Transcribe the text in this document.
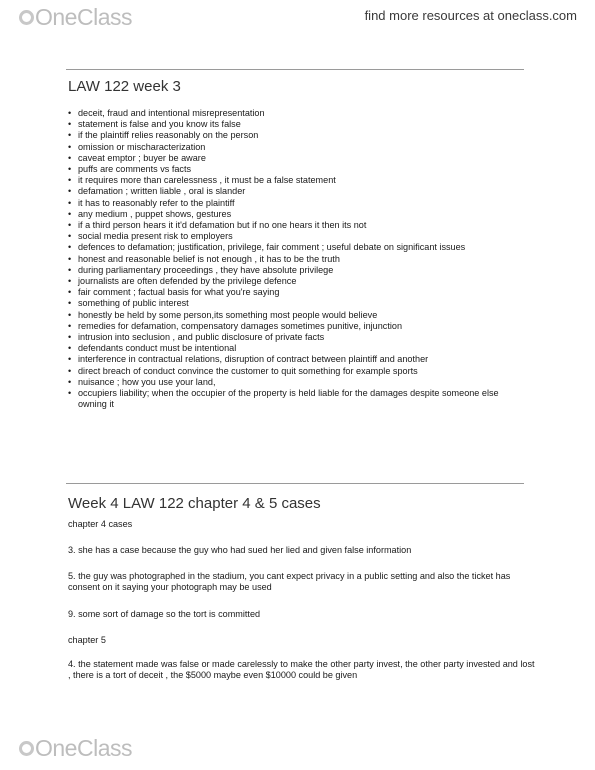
OneClass	find more resources at oneclass.com
LAW 122 week 3
• deceit, fraud and intentional misrepresentation
• statement is false and you know its false
• if the plaintiff relies reasonably on the person
• omission or mischaracterization
• caveat emptor ; buyer be aware
• puffs are comments vs facts
• it requires more than carelessness , it must be a false statement
• defamation ; written liable , oral is slander
• it has to reasonably refer to the plaintiff
• any medium , puppet shows, gestures
• if a third person hears it it'd defamation but if no one hears it then its not
• social media present risk to employers
• defences to defamation; justification, privilege, fair comment ; useful debate on significant issues
• honest and reasonable belief is not enough , it has to be the truth
• during parliamentary proceedings , they have absolute privilege
• journalists are often defended by the privilege defence
• fair comment ; factual basis for what you're saying
• something of public interest
• honestly be held by some person,its something most people would believe
• remedies for defamation, compensatory damages sometimes punitive, injunction
• intrusion into seclusion , and public disclosure of private facts
• defendants conduct must be intentional
• interference in contractual relations, disruption of contract between plaintiff and another
• direct breach of conduct convince the customer to quit something for example sports
• nuisance ; how you use your land,
• occupiers liability; when the occupier of the property is held liable for the damages despite someone else owning it
Week 4 LAW 122 chapter 4 & 5 cases

chapter 4 cases

3. she has a case because the guy who had sued her lied and given false information

5. the guy was photographed in the stadium, you cant expect privacy in a public setting and also the ticket has consent on it saying your photograph may be used

9. some sort of damage so the tort is committed

chapter 5

4. the statement made was false or made carelessly to make the other party invest, the other party invested and lost , there is a tort of deceit , the $5000 maybe even $10000 could be given

OneClass
